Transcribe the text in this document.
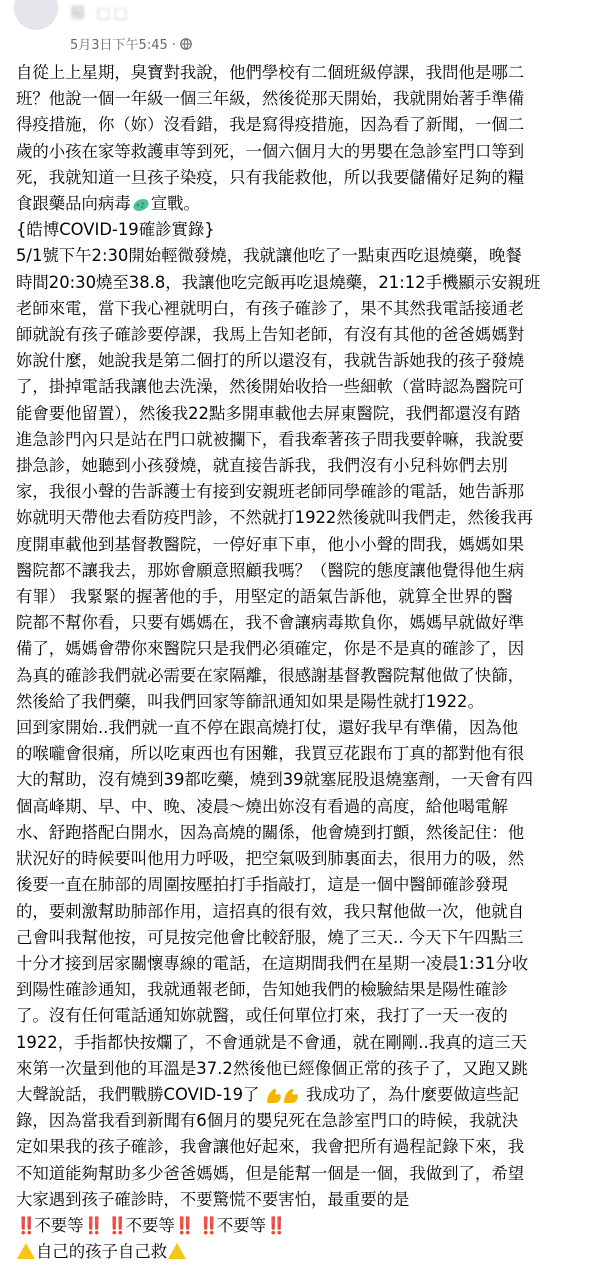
楊 □□
5月3日下午5:45 ·
自從上上星期，臭寶對我說，他們學校有二個班級停課，我問他是哪二
班？他說一個一年級一個三年級，然後從那天開始，我就開始著手準備
得疫措施，你（妳）沒看錯，我是寫得疫措施，因為看了新聞，一個二
歲的小孩在家等救護車等到死，一個六個月大的男嬰在急診室門口等到
死，我就知道一旦孩子染疫，只有我能救他，所以我要儲備好足夠的糧
食跟藥品向病毒 宣戰。
{皓博COVID-19確診實錄}
5/1號下午2:30開始輕微發燒，我就讓他吃了一點東西吃退燒藥，晚餐
時間20:30燒至38.8，我讓他吃完飯再吃退燒藥，21:12手機顯示安親班
老師來電，當下我心裡就明白，有孩子確診了，果不其然我電話接通老
師就說有孩子確診要停課，我馬上告知老師，有沒有其他的爸爸媽媽對
妳說什麼，她說我是第二個打的所以還沒有，我就告訴她我的孩子發燒
了，掛掉電話我讓他去洗澡，然後開始收拾一些細軟（當時認為醫院可
能會要他留置），然後我22點多開車載他去屏東醫院，我們都還沒有踏
進急診門內只是站在門口就被攔下，看我牽著孩子問我要幹嘛，我說要
掛急診，她聽到小孩發燒，就直接告訴我，我們沒有小兒科妳們去別
家，我很小聲的告訴護士有接到安親班老師同學確診的電話，她告訴那
妳就明天帶他去看防疫門診，不然就打1922然後就叫我們走，然後我再
度開車載他到基督教醫院，一停好車下車，他小小聲的問我，媽媽如果
醫院都不讓我去，那妳會願意照顧我嗎？（醫院的態度讓他覺得他生病
有罪） 我緊緊的握著他的手，用堅定的語氣告訴他，就算全世界的醫
院都不幫你看，只要有媽媽在，我不會讓病毒欺負你，媽媽早就做好準
備了，媽媽會帶你來醫院只是我們必須確定，你是不是真的確診了，因
為真的確診我們就必需要在家隔離，很感謝基督教醫院幫他做了快篩，
然後給了我們藥，叫我們回家等篩訊通知如果是陽性就打1922。
回到家開始..我們就一直不停在跟高燒打仗，還好我早有準備，因為他
的喉嚨會很痛，所以吃東西也有困難，我買豆花跟布丁真的都對他有很
大的幫助，沒有燒到39都吃藥，燒到39就塞屁股退燒塞劑，一天會有四
個高峰期、早、中、晚、凌晨～燒出妳沒有看過的高度，給他喝電解
水、舒跑搭配白開水，因為高燒的關係，他會燒到打顫，然後記住：他
狀況好的時候要叫他用力呼吸，把空氣吸到肺裏面去，很用力的吸，然
後要一直在肺部的周圍按壓拍打手指敲打，這是一個中醫師確診發現
的，要刺激幫助肺部作用，這招真的很有效，我只幫他做一次，他就自
己會叫我幫他按，可見按完他會比較舒服，燒了三天.. 今天下午四點三
十分才接到居家關懷專線的電話，在這期間我們在星期一凌晨1:31分收
到陽性確診通知，我就通報老師，告知她我們的檢驗結果是陽性確診
了。沒有任何電話通知妳就醫，或任何單位打來，我打了一天一夜的
1922，手指都快按爛了，不會通就是不會通，就在剛剛..我真的這三天
來第一次量到他的耳溫是37.2然後他已經像個正常的孩子了，又跑又跳
大聲說話，我們戰勝COVID-19了	我成功了，為什麼要做這些記
錄，因為當我看到新聞有6個月的嬰兒死在急診室門口的時候，我就決
定如果我的孩子確診，我會讓他好起來，我會把所有過程記錄下來，我
不知道能夠幫助多少爸爸媽媽，但是能幫一個是一個，我做到了，希望
大家遇到孩子確診時，不要驚慌不要害怕，最重要的是
‼️不要等‼️ ‼️不要等‼️ ‼️不要等‼️
自己的孩子自己救
